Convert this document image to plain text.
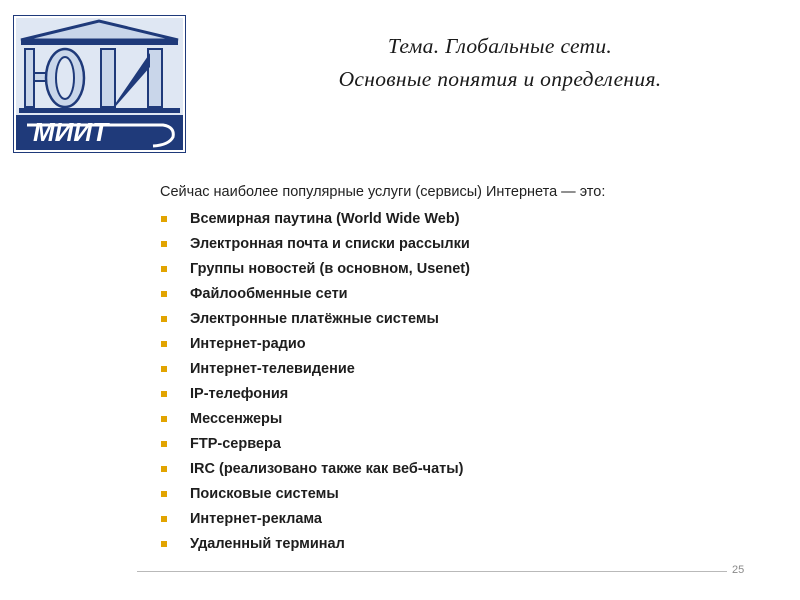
МИИТ
Тема. Глобальные сети.
Основные понятия и определения.
Сейчас наиболее популярные услуги (сервисы) Интернета — это:
Всемирная паутина (World Wide Web)
Электронная почта и списки рассылки
Группы новостей (в основном, Usenet)
Файлообменные сети
Электронные платёжные системы
Интернет-радио
Интернет-телевидение
IP-телефония
Мессенжеры
FTP-сервера
IRC (реализовано также как веб-чаты)
Поисковые системы
Интернет-реклама
Удаленный терминал
25
